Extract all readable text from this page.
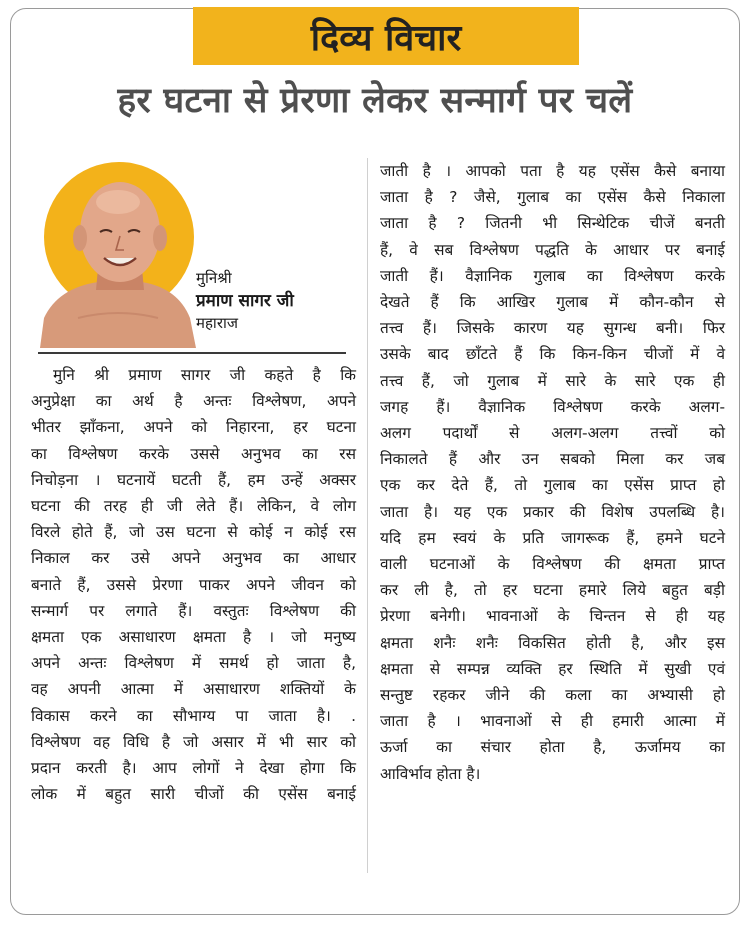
दिव्य विचार
हर घटना से प्रेरणा लेकर सन्मार्ग पर चलें
मुनिश्री
प्रमाण सागर जी
महाराज
मुनि श्री प्रमाण सागर जी कहते है कि
अनुप्रेक्षा का अर्थ है अन्तः विश्लेषण, अपने
भीतर झाँकना, अपने को निहारना, हर घटना
का विश्लेषण करके उससे अनुभव का रस
निचोड़ना । घटनायें घटती हैं, हम उन्हें अक्सर
घटना की तरह ही जी लेते हैं। लेकिन, वे लोग
विरले होते हैं, जो उस घटना से कोई न कोई रस
निकाल कर उसे अपने अनुभव का आधार
बनाते हैं, उससे प्रेरणा पाकर अपने जीवन को
सन्मार्ग पर लगाते हैं। वस्तुतः विश्लेषण की
क्षमता एक असाधारण क्षमता है । जो मनुष्य
अपने अन्तः विश्लेषण में समर्थ हो जाता है,
वह अपनी आत्मा में असाधारण शक्तियों के
विकास करने का सौभाग्य पा जाता है। .
विश्लेषण वह विधि है जो असार में भी सार को
प्रदान करती है। आप लोगों ने देखा होगा कि
लोक में बहुत सारी चीजों की एसेंस बनाई
जाती है । आपको पता है यह एसेंस कैसे बनाया
जाता है ? जैसे, गुलाब का एसेंस कैसे निकाला
जाता है ? जितनी भी सिन्थेटिक चीजें बनती
हैं, वे सब विश्लेषण पद्धति के आधार पर बनाई
जाती हैं। वैज्ञानिक गुलाब का विश्लेषण करके
देखते हैं कि आखिर गुलाब में कौन-कौन से
तत्त्व हैं। जिसके कारण यह सुगन्ध बनी। फिर
उसके बाद छाँटते हैं कि किन-किन चीजों में वे
तत्त्व हैं, जो गुलाब में सारे के सारे एक ही
जगह हैं। वैज्ञानिक विश्लेषण करके अलग-
अलग पदार्थों से अलग-अलग तत्त्वों को
निकालते हैं और उन सबको मिला कर जब
एक कर देते हैं, तो गुलाब का एसेंस प्राप्त हो
जाता है। यह एक प्रकार की विशेष उपलब्धि है।
यदि हम स्वयं के प्रति जागरूक हैं, हमने घटने
वाली घटनाओं के विश्लेषण की क्षमता प्राप्त
कर ली है, तो हर घटना हमारे लिये बहुत बड़ी
प्रेरणा बनेगी। भावनाओं के चिन्तन से ही यह
क्षमता शनैः शनैः विकसित होती है, और इस
क्षमता से सम्पन्न व्यक्ति हर स्थिति में सुखी एवं
सन्तुष्ट रहकर जीने की कला का अभ्यासी हो
जाता है । भावनाओं से ही हमारी आत्मा में
ऊर्जा का संचार होता है, ऊर्जामय का
आविर्भाव होता है।
